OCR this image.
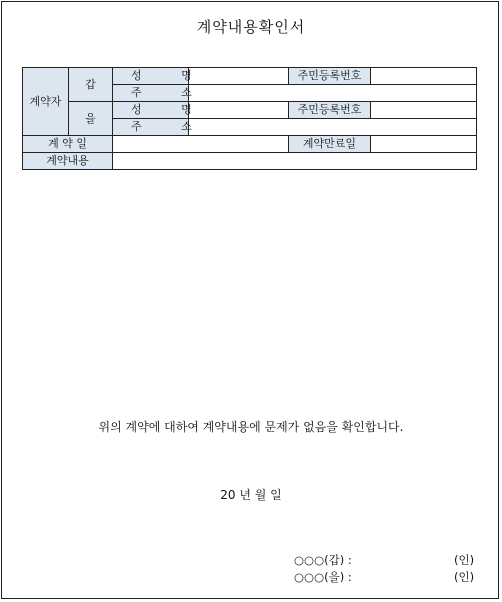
계약내용확인서
계약자	갑	성 명		주민등록번호	
		주 소			
	을	성 명		주민등록번호	
		주 소			
계 약 일				계약만료일	
계약내용					
위의 계약에 대하여 계약내용에 문제가 없음을 확인합니다.
20 년 월 일
○○○(갑) :	(인)
○○○(을) :	(인)
